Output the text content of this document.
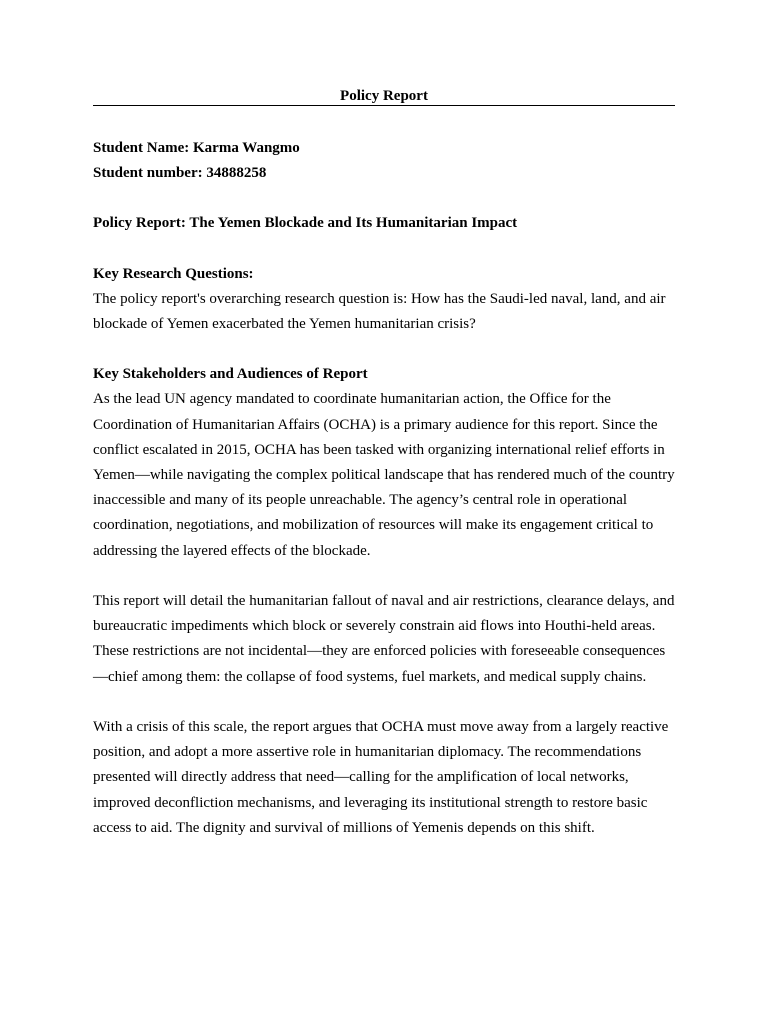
Policy Report
Student Name: Karma Wangmo
Student number: 34888258
Policy Report: The Yemen Blockade and Its Humanitarian Impact
Key Research Questions:

The policy report's overarching research question is: How has the Saudi-led naval, land, and air blockade of Yemen exacerbated the Yemen humanitarian crisis?

Key Stakeholders and Audiences of Report

As the lead UN agency mandated to coordinate humanitarian action, the Office for the Coordination of Humanitarian Affairs (OCHA) is a primary audience for this report. Since the conflict escalated in 2015, OCHA has been tasked with organizing international relief efforts in Yemen—while navigating the complex political landscape that has rendered much of the country inaccessible and many of its people unreachable. The agency’s central role in operational coordination, negotiations, and mobilization of resources will make its engagement critical to addressing the layered effects of the blockade.

This report will detail the humanitarian fallout of naval and air restrictions, clearance delays, and bureaucratic impediments which block or severely constrain aid flows into Houthi-held areas. These restrictions are not incidental—they are enforced policies with foreseeable consequences—chief among them: the collapse of food systems, fuel markets, and medical supply chains.

With a crisis of this scale, the report argues that OCHA must move away from a largely reactive position, and adopt a more assertive role in humanitarian diplomacy. The recommendations presented will directly address that need—calling for the amplification of local networks, improved deconfliction mechanisms, and leveraging its institutional strength to restore basic access to aid. The dignity and survival of millions of Yemenis depends on this shift.
